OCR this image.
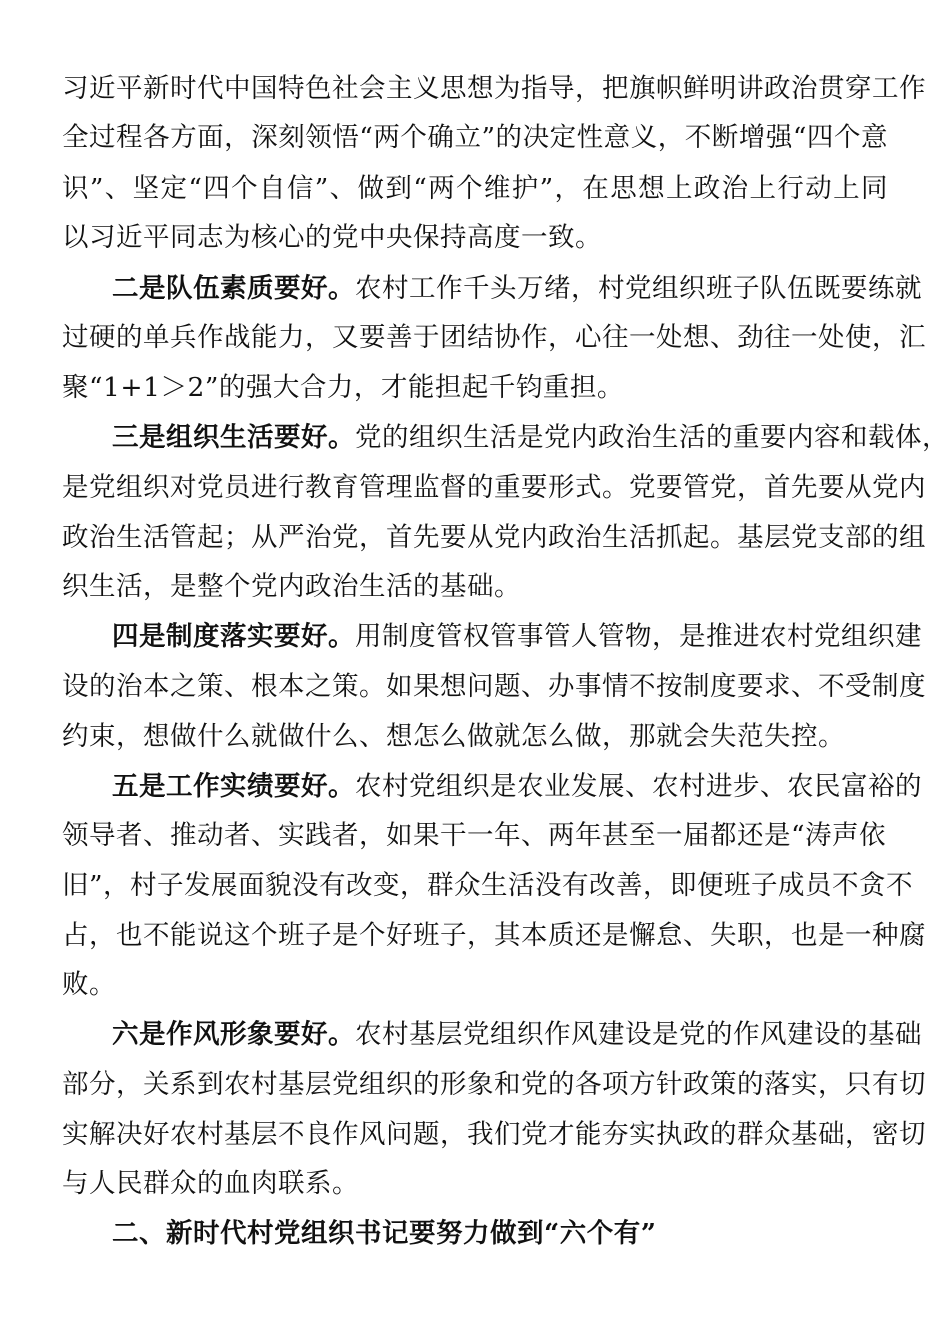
习近平新时代中国特色社会主义思想为指导，把旗帜鲜明讲政治贯穿工作
全过程各方面，深刻领悟“两个确立”的决定性意义，不断增强“四个意
识”、坚定“四个自信”、做到“两个维护”，在思想上政治上行动上同
以习近平同志为核心的党中央保持高度一致。
二是队伍素质要好。农村工作千头万绪，村党组织班子队伍既要练就
过硬的单兵作战能力，又要善于团结协作，心往一处想、劲往一处使，汇
聚“1+1＞2”的强大合力，才能担起千钧重担。
三是组织生活要好。党的组织生活是党内政治生活的重要内容和载体，
是党组织对党员进行教育管理监督的重要形式。党要管党，首先要从党内
政治生活管起；从严治党，首先要从党内政治生活抓起。基层党支部的组
织生活，是整个党内政治生活的基础。
四是制度落实要好。用制度管权管事管人管物，是推进农村党组织建
设的治本之策、根本之策。如果想问题、办事情不按制度要求、不受制度
约束，想做什么就做什么、想怎么做就怎么做，那就会失范失控。
五是工作实绩要好。农村党组织是农业发展、农村进步、农民富裕的
领导者、推动者、实践者，如果干一年、两年甚至一届都还是“涛声依
旧”，村子发展面貌没有改变，群众生活没有改善，即便班子成员不贪不
占，也不能说这个班子是个好班子，其本质还是懈怠、失职，也是一种腐
败。
六是作风形象要好。农村基层党组织作风建设是党的作风建设的基础
部分，关系到农村基层党组织的形象和党的各项方针政策的落实，只有切
实解决好农村基层不良作风问题，我们党才能夯实执政的群众基础，密切
与人民群众的血肉联系。
二、新时代村党组织书记要努力做到“六个有”
